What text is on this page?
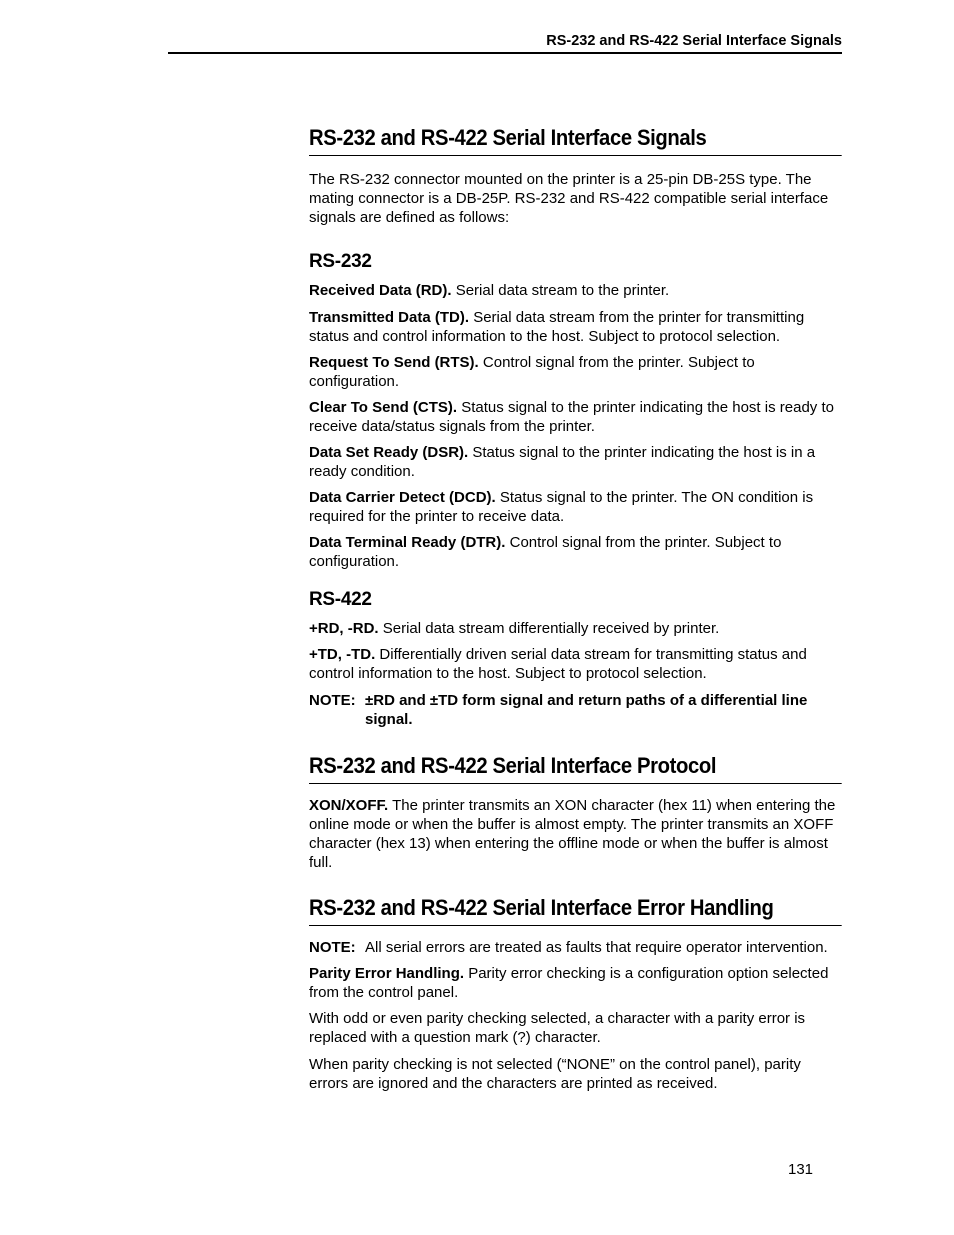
RS-232 and RS-422 Serial Interface Signals
RS-232 and RS-422 Serial Interface Signals

The RS-232 connector mounted on the printer is a 25-pin DB-25S type. The mating connector is a DB-25P. RS-232 and RS-422 compatible serial interface signals are defined as follows:

RS-232

Received Data (RD). Serial data stream to the printer.

Transmitted Data (TD). Serial data stream from the printer for transmitting status and control information to the host. Subject to protocol selection.

Request To Send (RTS). Control signal from the printer. Subject to configuration.

Clear To Send (CTS). Status signal to the printer indicating the host is ready to receive data/status signals from the printer.

Data Set Ready (DSR). Status signal to the printer indicating the host is in a ready condition.

Data Carrier Detect (DCD). Status signal to the printer. The ON condition is required for the printer to receive data.

Data Terminal Ready (DTR). Control signal from the printer. Subject to configuration.

RS-422

+RD, -RD. Serial data stream differentially received by printer.

+TD, -TD. Differentially driven serial data stream for transmitting status and control information to the host. Subject to protocol selection.

NOTE: ±RD and ±TD form signal and return paths of a differential line signal.
RS-232 and RS-422 Serial Interface Protocol

XON/XOFF. The printer transmits an XON character (hex 11) when entering the online mode or when the buffer is almost empty. The printer transmits an XOFF character (hex 13) when entering the offline mode or when the buffer is almost full.

RS-232 and RS-422 Serial Interface Error Handling
NOTE: All serial errors are treated as faults that require operator intervention.

Parity Error Handling. Parity error checking is a configuration option selected from the control panel.

With odd or even parity checking selected, a character with a parity error is replaced with a question mark (?) character.

When parity checking is not selected (“NONE” on the control panel), parity errors are ignored and the characters are printed as received.

131
